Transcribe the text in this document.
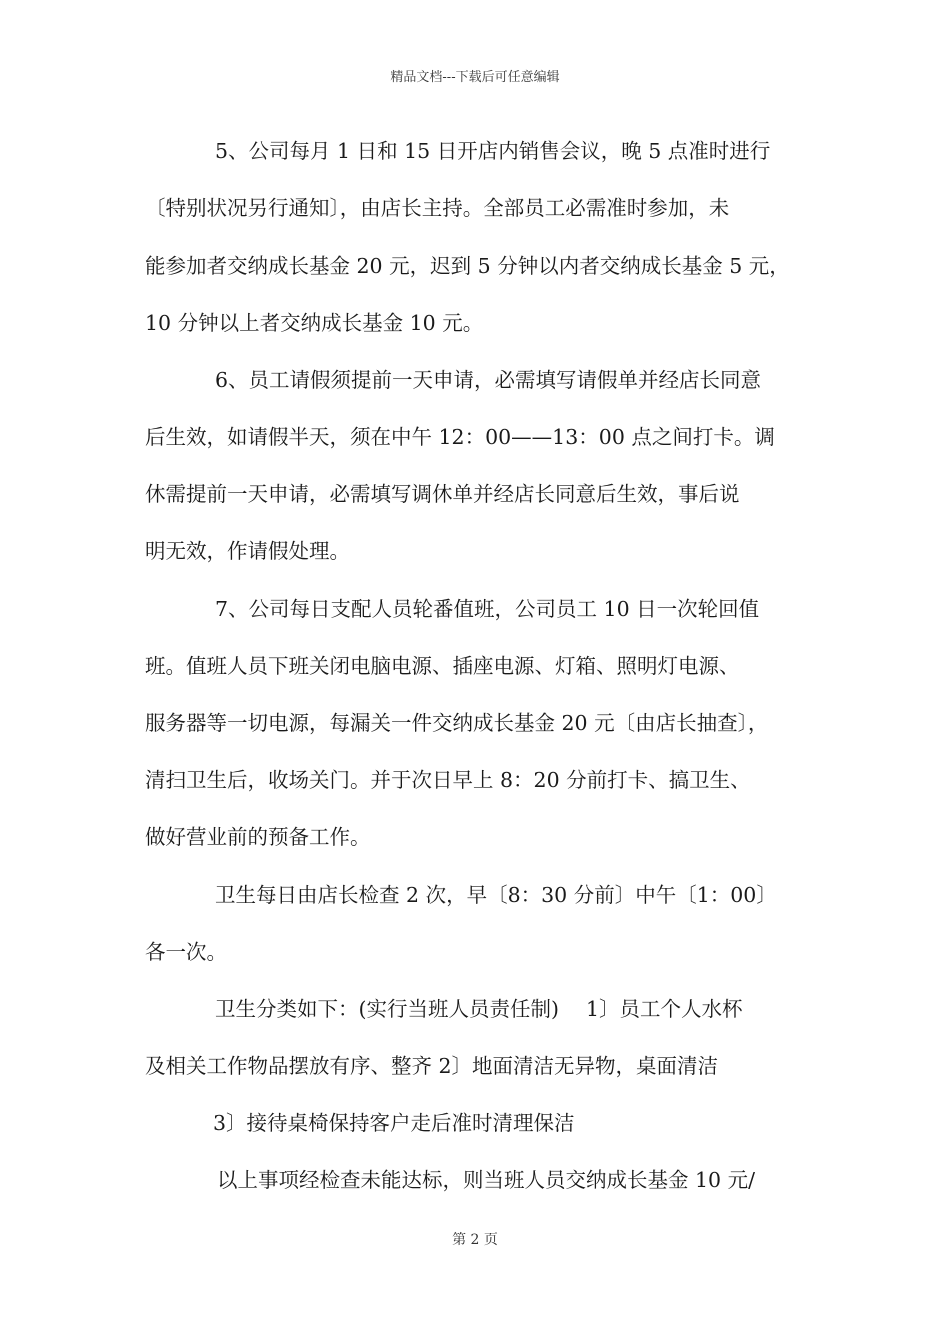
精品文档---下载后可任意编辑
5、公司每月 1 日和 15 日开店内销售会议，晚 5 点准时进行
〔特别状况另行通知〕，由店长主持。全部员工必需准时参加，未
能参加者交纳成长基金 20 元，迟到 5 分钟以内者交纳成长基金 5 元，
10 分钟以上者交纳成长基金 10 元。
6、员工请假须提前一天申请，必需填写请假单并经店长同意
后生效，如请假半天，须在中午 12：00——13：00 点之间打卡。调
休需提前一天申请，必需填写调休单并经店长同意后生效，事后说
明无效，作请假处理。
7、公司每日支配人员轮番值班，公司员工 10 日一次轮回值
班。值班人员下班关闭电脑电源、插座电源、灯箱、照明灯电源、
服务器等一切电源，每漏关一件交纳成长基金 20 元〔由店长抽查〕，
清扫卫生后，收场关门。并于次日早上 8：20 分前打卡、搞卫生、
做好营业前的预备工作。
卫生每日由店长检查 2 次，早〔8：30 分前〕中午〔1：00〕
各一次。
卫生分类如下：(实行当班人员责任制)　 1〕员工个人水杯
及相关工作物品摆放有序、整齐 2〕地面清洁无异物，桌面清洁
3〕接待桌椅保持客户走后准时清理保洁
以上事项经检查未能达标，则当班人员交纳成长基金 10 元/
第 2 页
